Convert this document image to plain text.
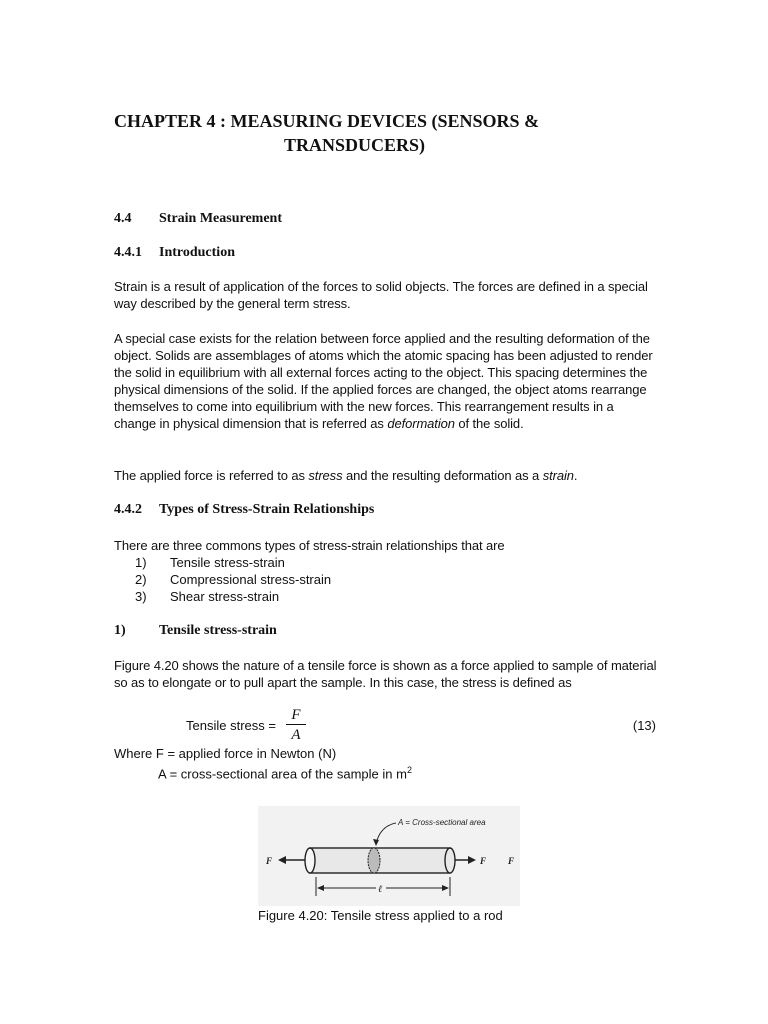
CHAPTER 4 : MEASURING DEVICES (SENSORS &
TRANSDUCERS)
4.4 Strain Measurement
4.4.1 Introduction
Strain is a result of application of the forces to solid objects. The forces are defined in a special way described by the general term stress.
A special case exists for the relation between force applied and the resulting deformation of the object. Solids are assemblages of atoms which the atomic spacing has been adjusted to render the solid in equilibrium with all external forces acting to the object. This spacing determines the physical dimensions of the solid. If the applied forces are changed, the object atoms rearrange themselves to come into equilibrium with the new forces. This rearrangement results in a change in physical dimension that is referred as deformation of the solid.
The applied force is referred to as stress and the resulting deformation as a strain.
4.4.2 Types of Stress-Strain Relationships
There are three commons types of stress-strain relationships that are
1) Tensile stress-strain
2) Compressional stress-strain
3) Shear stress-strain
1) Tensile stress-strain
Figure 4.20 shows the nature of a tensile force is shown as a force applied to sample of material so as to elongate or to pull apart the sample. In this case, the stress is defined as
Tensile stress =
F
A
(13)
Where F = applied force in Newton (N)
A = cross-sectional area of the sample in $m^2$
A = Cross-sectional area
F	F F
ℓ
Figure 4.20: Tensile stress applied to a rod
